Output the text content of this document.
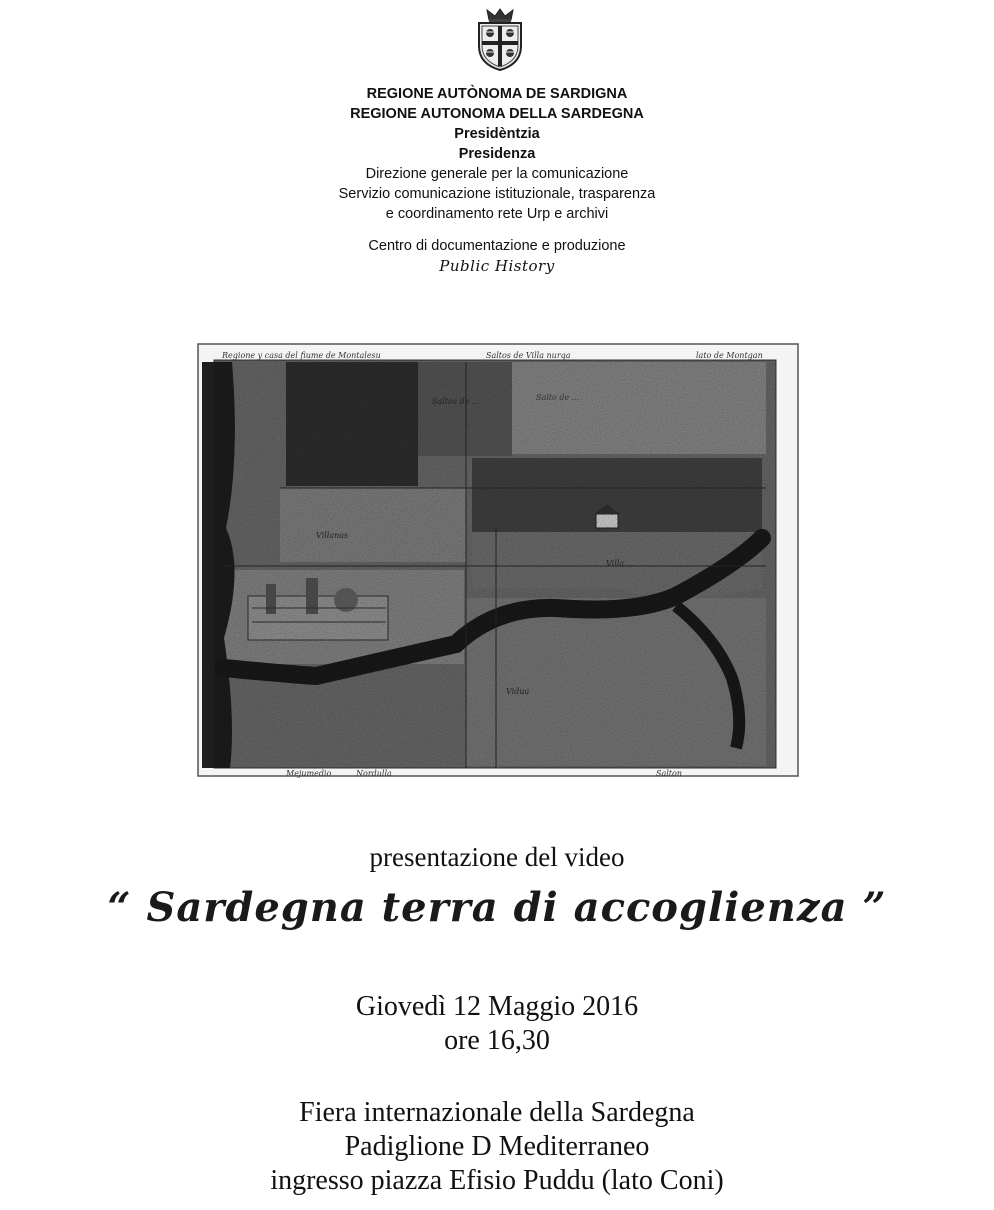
REGIONE AUTÒNOMA DE SARDIGNA
REGIONE AUTONOMA DELLA SARDEGNA
Presidèntzia
Presidenza
Direzione generale per la comunicazione
Servizio comunicazione istituzionale, trasparenza
e coordinamento rete Urp e archivi
Centro di documentazione e produzione
Public History
Regione y casa del fiume de Montalesu	Saltos de Villa nurqa	lato de Montgan
Mejumedio	Nordulla	Salton
Saltos de ...	Salto de ...
Villanas
Villa ...
Vidua
presentazione del video
“ Sardegna terra di accoglienza ”
Giovedì 12 Maggio 2016
ore 16,30
Fiera internazionale della Sardegna
Padiglione D Mediterraneo
ingresso piazza Efisio Puddu (lato Coni)
